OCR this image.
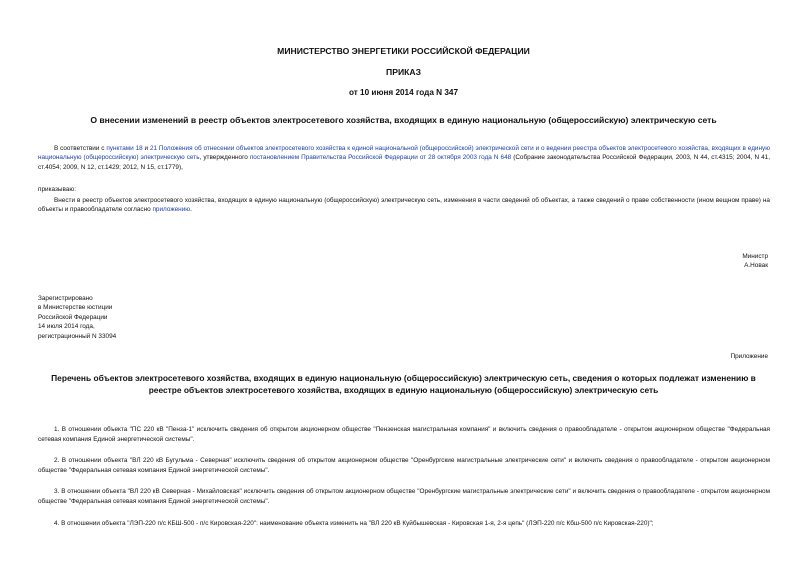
МИНИСТЕРСТВО ЭНЕРГЕТИКИ РОССИЙСКОЙ ФЕДЕРАЦИИ
ПРИКАЗ
от 10 июня 2014 года N 347
О внесении изменений в реестр объектов электросетевого хозяйства, входящих в единую национальную (общероссийскую) электрическую сеть
В соответствии с пунктами 18 и 21 Положения об отнесении объектов электросетевого хозяйства к единой национальной (общероссийской) электрической сети и о ведении реестра объектов электросетевого хозяйства, входящих в единую национальную (общероссийскую) электрическую сеть, утвержденного постановлением Правительства Российской Федерации от 28 октября 2003 года N 648 (Собрание законодательства Российской Федерации, 2003, N 44, ст.4315; 2004, N 41, ст.4054; 2009, N 12, ст.1429; 2012, N 15, ст.1779),
приказываю:
Внести в реестр объектов электросетевого хозяйства, входящих в единую национальную (общероссийскую) электрическую сеть, изменения в части сведений об объектах, а также сведений о праве собственности (ином вещном праве) на объекты и правообладателе согласно приложению.
Министр
А.Новак
Зарегистрировано
в Министерстве юстиции
Российской Федерации
14 июля 2014 года,
регистрационный N 33094
Приложение
Перечень объектов электросетевого хозяйства, входящих в единую национальную (общероссийскую) электрическую сеть, сведения о которых подлежат изменению в реестре объектов электросетевого хозяйства, входящих в единую национальную (общероссийскую) электрическую сеть
1. В отношении объекта "ПС 220 кВ "Пенза-1" исключить сведения об открытом акционерном обществе "Пензенская магистральная компания" и включить сведения о правообладателе - открытом акционерном обществе "Федеральная сетевая компания Единой энергетической системы".
2. В отношении объекта "ВЛ 220 кВ Бугульма - Северная" исключить сведения об открытом акционерном обществе "Оренбургские магистральные электрические сети" и включить сведения о правообладателе - открытом акционерном обществе "Федеральная сетевая компания Единой энергетической системы".
3. В отношении объекта "ВЛ 220 кВ Северная - Михайловская" исключить сведения об открытом акционерном обществе "Оренбургские магистральные электрические сети" и включить сведения о правообладателе - открытом акционерном обществе "Федеральная сетевая компания Единой энергетической системы".
4. В отношении объекта "ЛЭП-220 п/с КБШ-500 - п/с Кировская-220": наименование объекта изменить на "ВЛ 220 кВ Куйбышевская - Кировская 1-я, 2-я цепь" (ЛЭП-220 п/с Кбш-500 п/с Кировская-220)";
